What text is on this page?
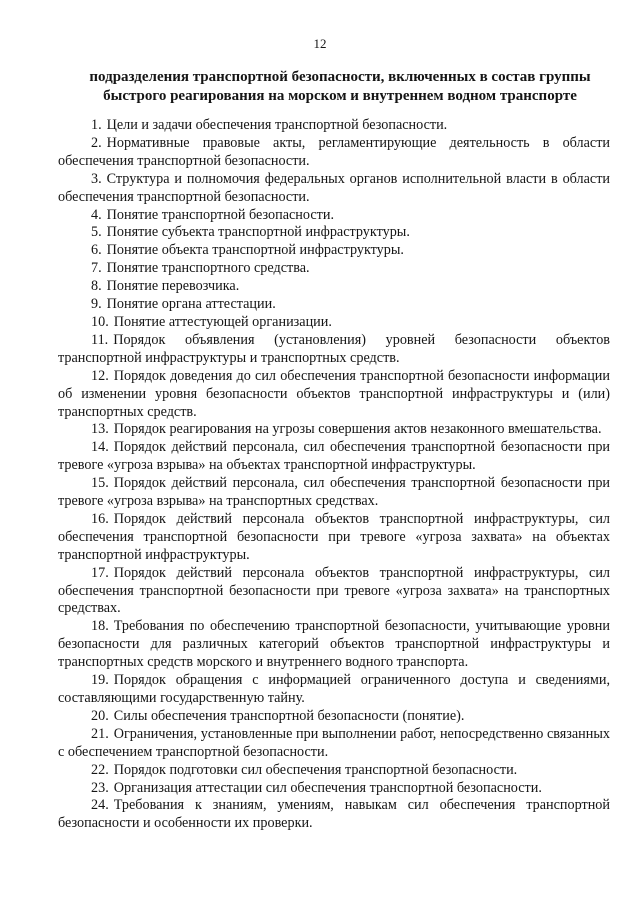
12
подразделения транспортной безопасности, включенных в состав группы
быстрого реагирования на морском и внутреннем водном транспорте

1. Цели и задачи обеспечения транспортной безопасности.

2. Нормативные правовые акты, регламентирующие деятельность в области обеспечения транспортной безопасности.

3. Структура и полномочия федеральных органов исполнительной власти в области обеспечения транспортной безопасности.

4. Понятие транспортной безопасности.

5. Понятие субъекта транспортной инфраструктуры.

6. Понятие объекта транспортной инфраструктуры.

7. Понятие транспортного средства.

8. Понятие перевозчика.

9. Понятие органа аттестации.

10. Понятие аттестующей организации.

11. Порядок объявления (установления) уровней безопасности объектов транспортной инфраструктуры и транспортных средств.

12. Порядок доведения до сил обеспечения транспортной безопасности информации об изменении уровня безопасности объектов транспортной инфраструктуры и (или) транспортных средств.

13. Порядок реагирования на угрозы совершения актов незаконного вмешательства.

14. Порядок действий персонала, сил обеспечения транспортной безопасности при тревоге «угроза взрыва» на объектах транспортной инфраструктуры.

15. Порядок действий персонала, сил обеспечения транспортной безопасности при тревоге «угроза взрыва» на транспортных средствах.

16. Порядок действий персонала объектов транспортной инфраструктуры, сил обеспечения транспортной безопасности при тревоге «угроза захвата» на объектах транспортной инфраструктуры.

17. Порядок действий персонала объектов транспортной инфраструктуры, сил обеспечения транспортной безопасности при тревоге «угроза захвата» на транспортных средствах.

18. Требования по обеспечению транспортной безопасности, учитывающие уровни безопасности для различных категорий объектов транспортной инфраструктуры и транспортных средств морского и внутреннего водного транспорта.

19. Порядок обращения с информацией ограниченного доступа и сведениями, составляющими государственную тайну.

20. Силы обеспечения транспортной безопасности (понятие).

21. Ограничения, установленные при выполнении работ, непосредственно связанных с обеспечением транспортной безопасности.

22. Порядок подготовки сил обеспечения транспортной безопасности.

23. Организация аттестации сил обеспечения транспортной безопасности.

24. Требования к знаниям, умениям, навыкам сил обеспечения транспортной безопасности и особенности их проверки.
